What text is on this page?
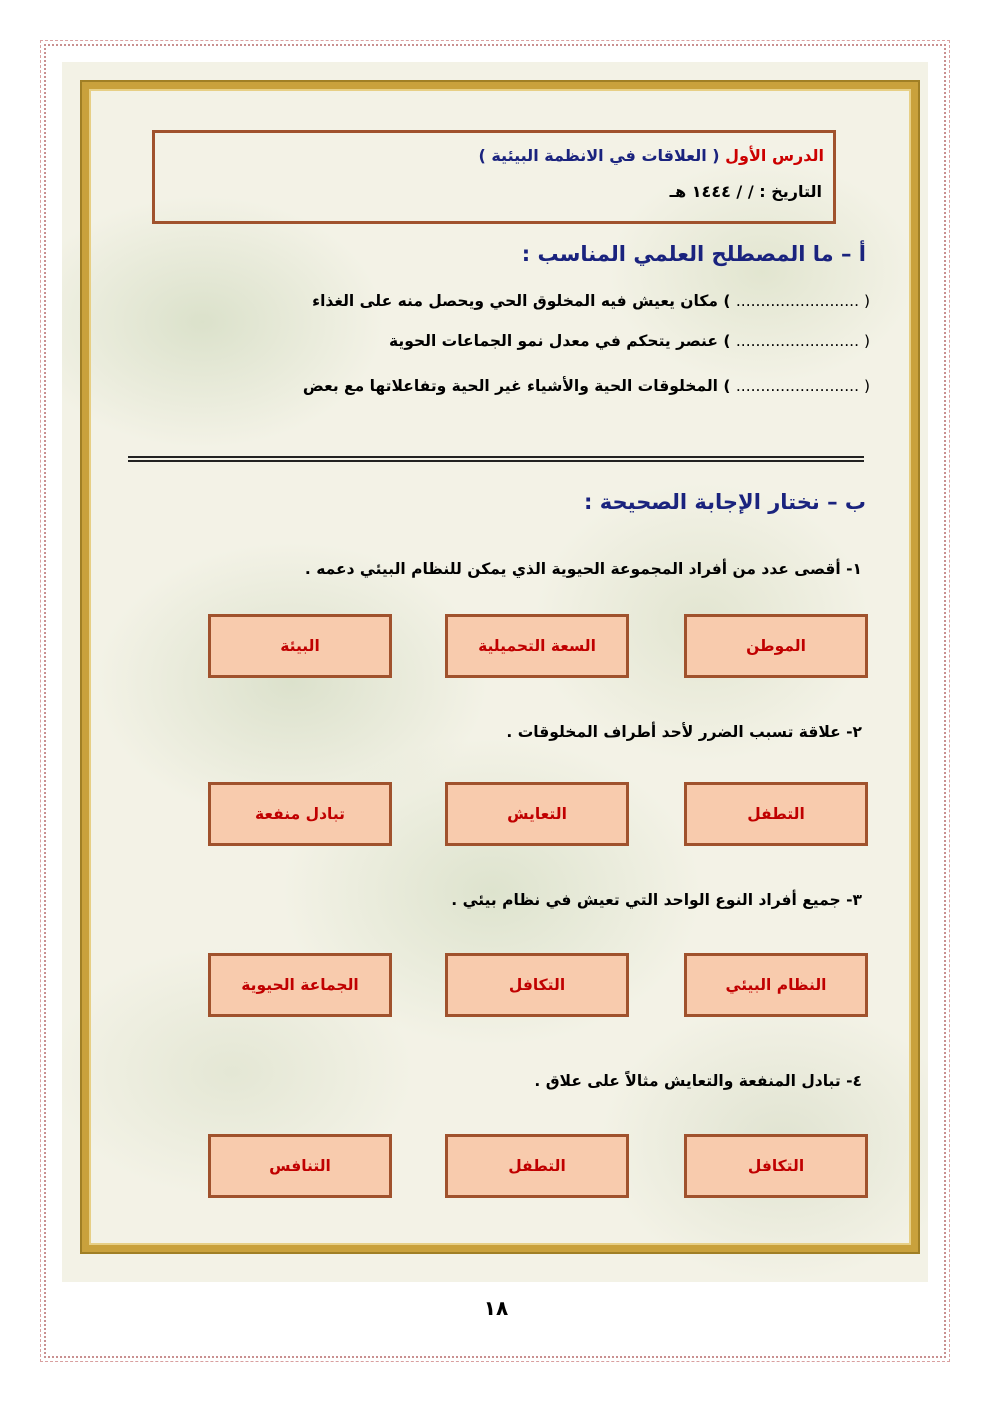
الدرس الأول ( العلاقات في الانظمة البيئية )
التاريخ : / / ١٤٤٤ هـ
أ – ما المصطلح العلمي المناسب :
( ......................... ) مكان يعيش فيه المخلوق الحي ويحصل منه على الغذاء
( ......................... ) عنصر يتحكم في معدل نمو الجماعات الحوية
( ......................... ) المخلوقات الحية والأشياء غير الحية وتفاعلاتها مع بعض
ب – نختار الإجابة الصحيحة :
١- أقصى عدد من أفراد المجموعة الحيوية الذي يمكن للنظام البيئي دعمه .
الموطن
السعة التحميلية
البيئة
٢- علاقة تسبب الضرر لأحد أطراف المخلوقات .
التطفل
التعايش
تبادل منفعة
٣- جميع أفراد النوع الواحد التي تعيش في نظام بيئي .
النظام البيئي
التكافل
الجماعة الحيوية
٤- تبادل المنفعة والتعايش مثالاً على علاق .
التكافل
التطفل
التنافس
١٨
